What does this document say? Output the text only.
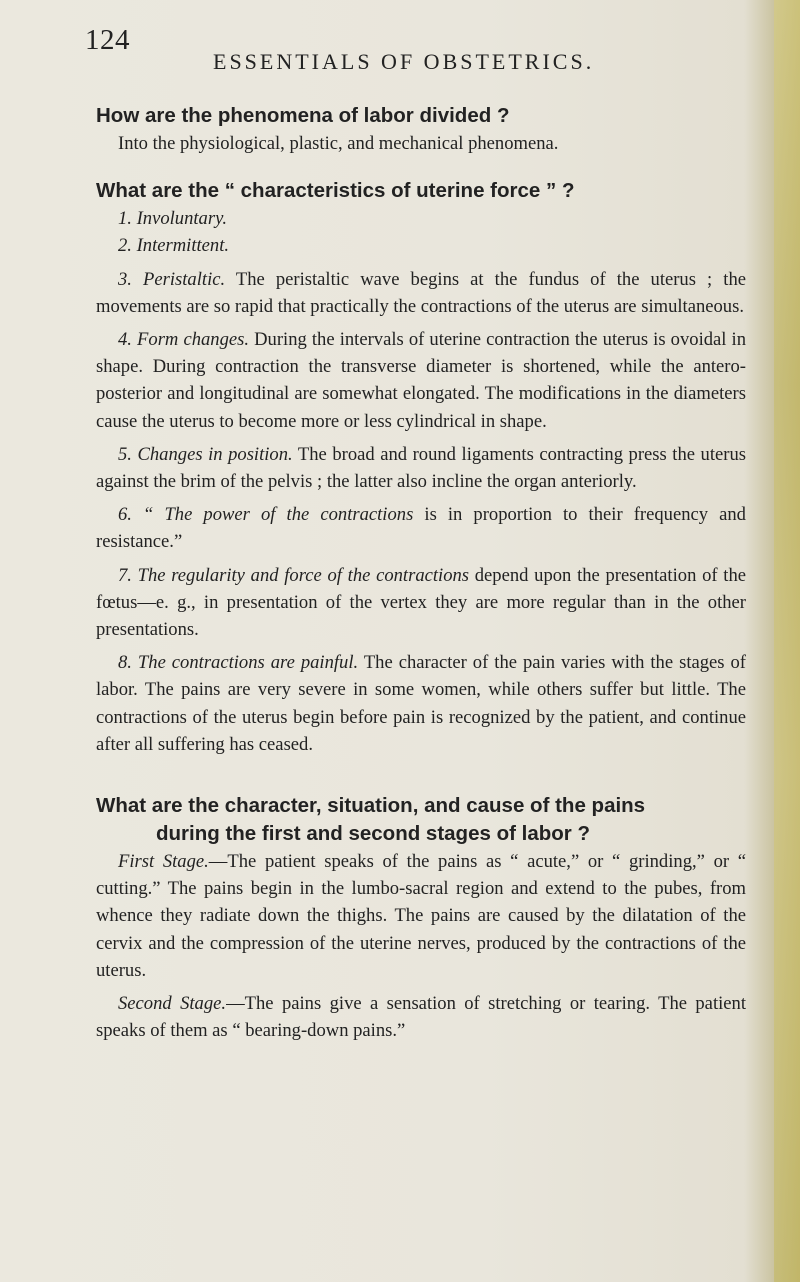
124
ESSENTIALS OF OBSTETRICS.
How are the phenomena of labor divided ?

Into the physiological, plastic, and mechanical phenomena.

What are the “ characteristics of uterine force ” ?

1. Involuntary.

2. Intermittent.

3. Peristaltic. The peristaltic wave begins at the fundus of the uterus ; the movements are so rapid that practically the contractions of the uterus are simultaneous.

4. Form changes. During the intervals of uterine contraction the uterus is ovoidal in shape. During contraction the transverse diameter is shortened, while the antero-posterior and longitudinal are somewhat elongated. The modifications in the diameters cause the uterus to become more or less cylindrical in shape.

5. Changes in position. The broad and round ligaments contracting press the uterus against the brim of the pelvis ; the latter also incline the organ anteriorly.

6. “ The power of the contractions is in proportion to their frequency and resistance.”

7. The regularity and force of the contractions depend upon the presentation of the fœtus—e. g., in presentation of the vertex they are more regular than in the other presentations.

8. The contractions are painful. The character of the pain varies with the stages of labor. The pains are very severe in some women, while others suffer but little. The contractions of the uterus begin before pain is recognized by the patient, and continue after all suffering has ceased.

What are the character, situation, and cause of the pains
during the first and second stages of labor ?

First Stage.—The patient speaks of the pains as “ acute,” or “ grinding,” or “ cutting.” The pains begin in the lumbo-sacral region and extend to the pubes, from whence they radiate down the thighs. The pains are caused by the dilatation of the cervix and the compression of the uterine nerves, produced by the contractions of the uterus.

Second Stage.—The pains give a sensation of stretching or tearing. The patient speaks of them as “ bearing-down pains.”
